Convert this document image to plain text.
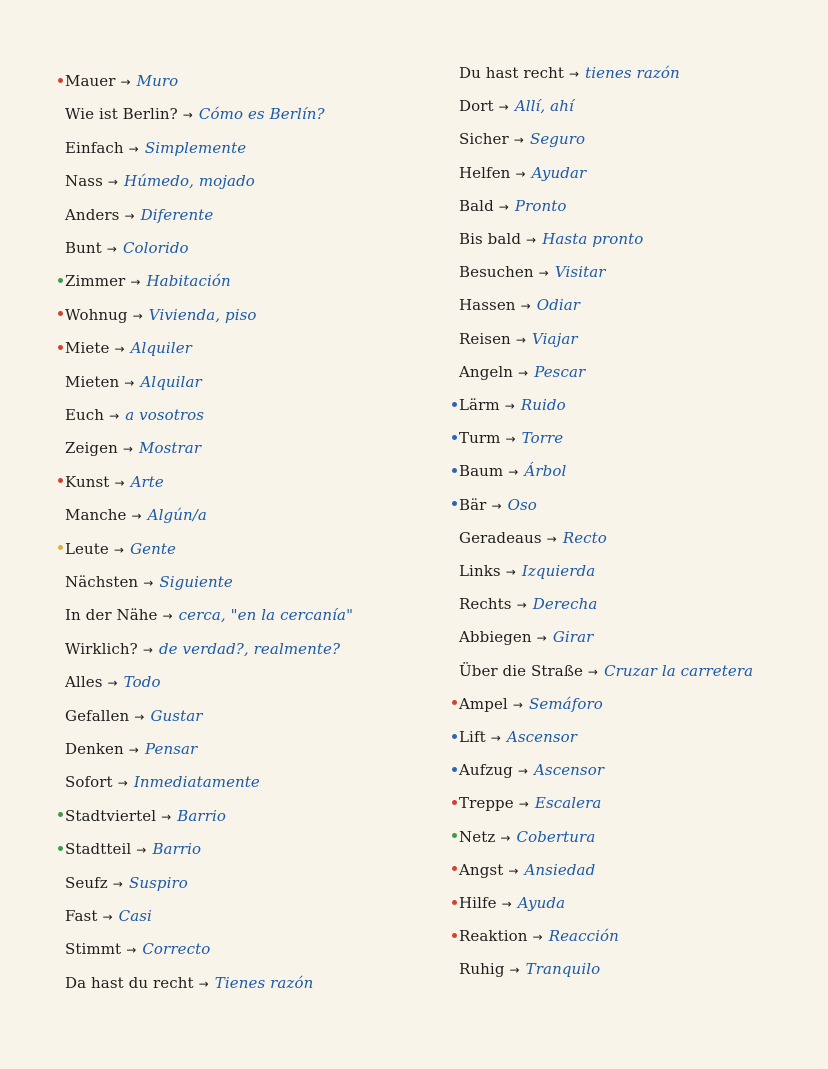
Mauer → Muro
Wie ist Berlin? → Cómo es Berlín?
Einfach → Simplemente
Nass → Húmedo, mojado
Anders → Diferente
Bunt → Colorido
Zimmer → Habitación
Wohnug → Vivienda, piso
Miete → Alquiler
Mieten → Alquilar
Euch → a vosotros
Zeigen → Mostrar
Kunst → Arte
Manche → Algún/a
Leute → Gente
Nächsten → Siguiente
In der Nähe → cerca, "en la cercanía"
Wirklich? → de verdad?, realmente?
Alles → Todo
Gefallen → Gustar
Denken → Pensar
Sofort → Inmediatamente
Stadtviertel → Barrio
Stadtteil → Barrio
Seufz → Suspiro
Fast → Casi
Stimmt → Correcto
Da hast du recht → Tienes razón
Du hast recht → tienes razón
Dort → Allí, ahí
Sicher → Seguro
Helfen → Ayudar
Bald → Pronto
Bis bald → Hasta pronto
Besuchen → Visitar
Hassen → Odiar
Reisen → Viajar
Angeln → Pescar
Lärm → Ruido
Turm → Torre
Baum → Árbol
Bär → Oso
Geradeaus → Recto
Links → Izquierda
Rechts → Derecha
Abbiegen → Girar
Über die Straße → Cruzar la carretera
Ampel → Semáforo
Lift → Ascensor
Aufzug → Ascensor
Treppe → Escalera
Netz → Cobertura
Angst → Ansiedad
Hilfe → Ayuda
Reaktion → Reacción
Ruhig → Tranquilo
